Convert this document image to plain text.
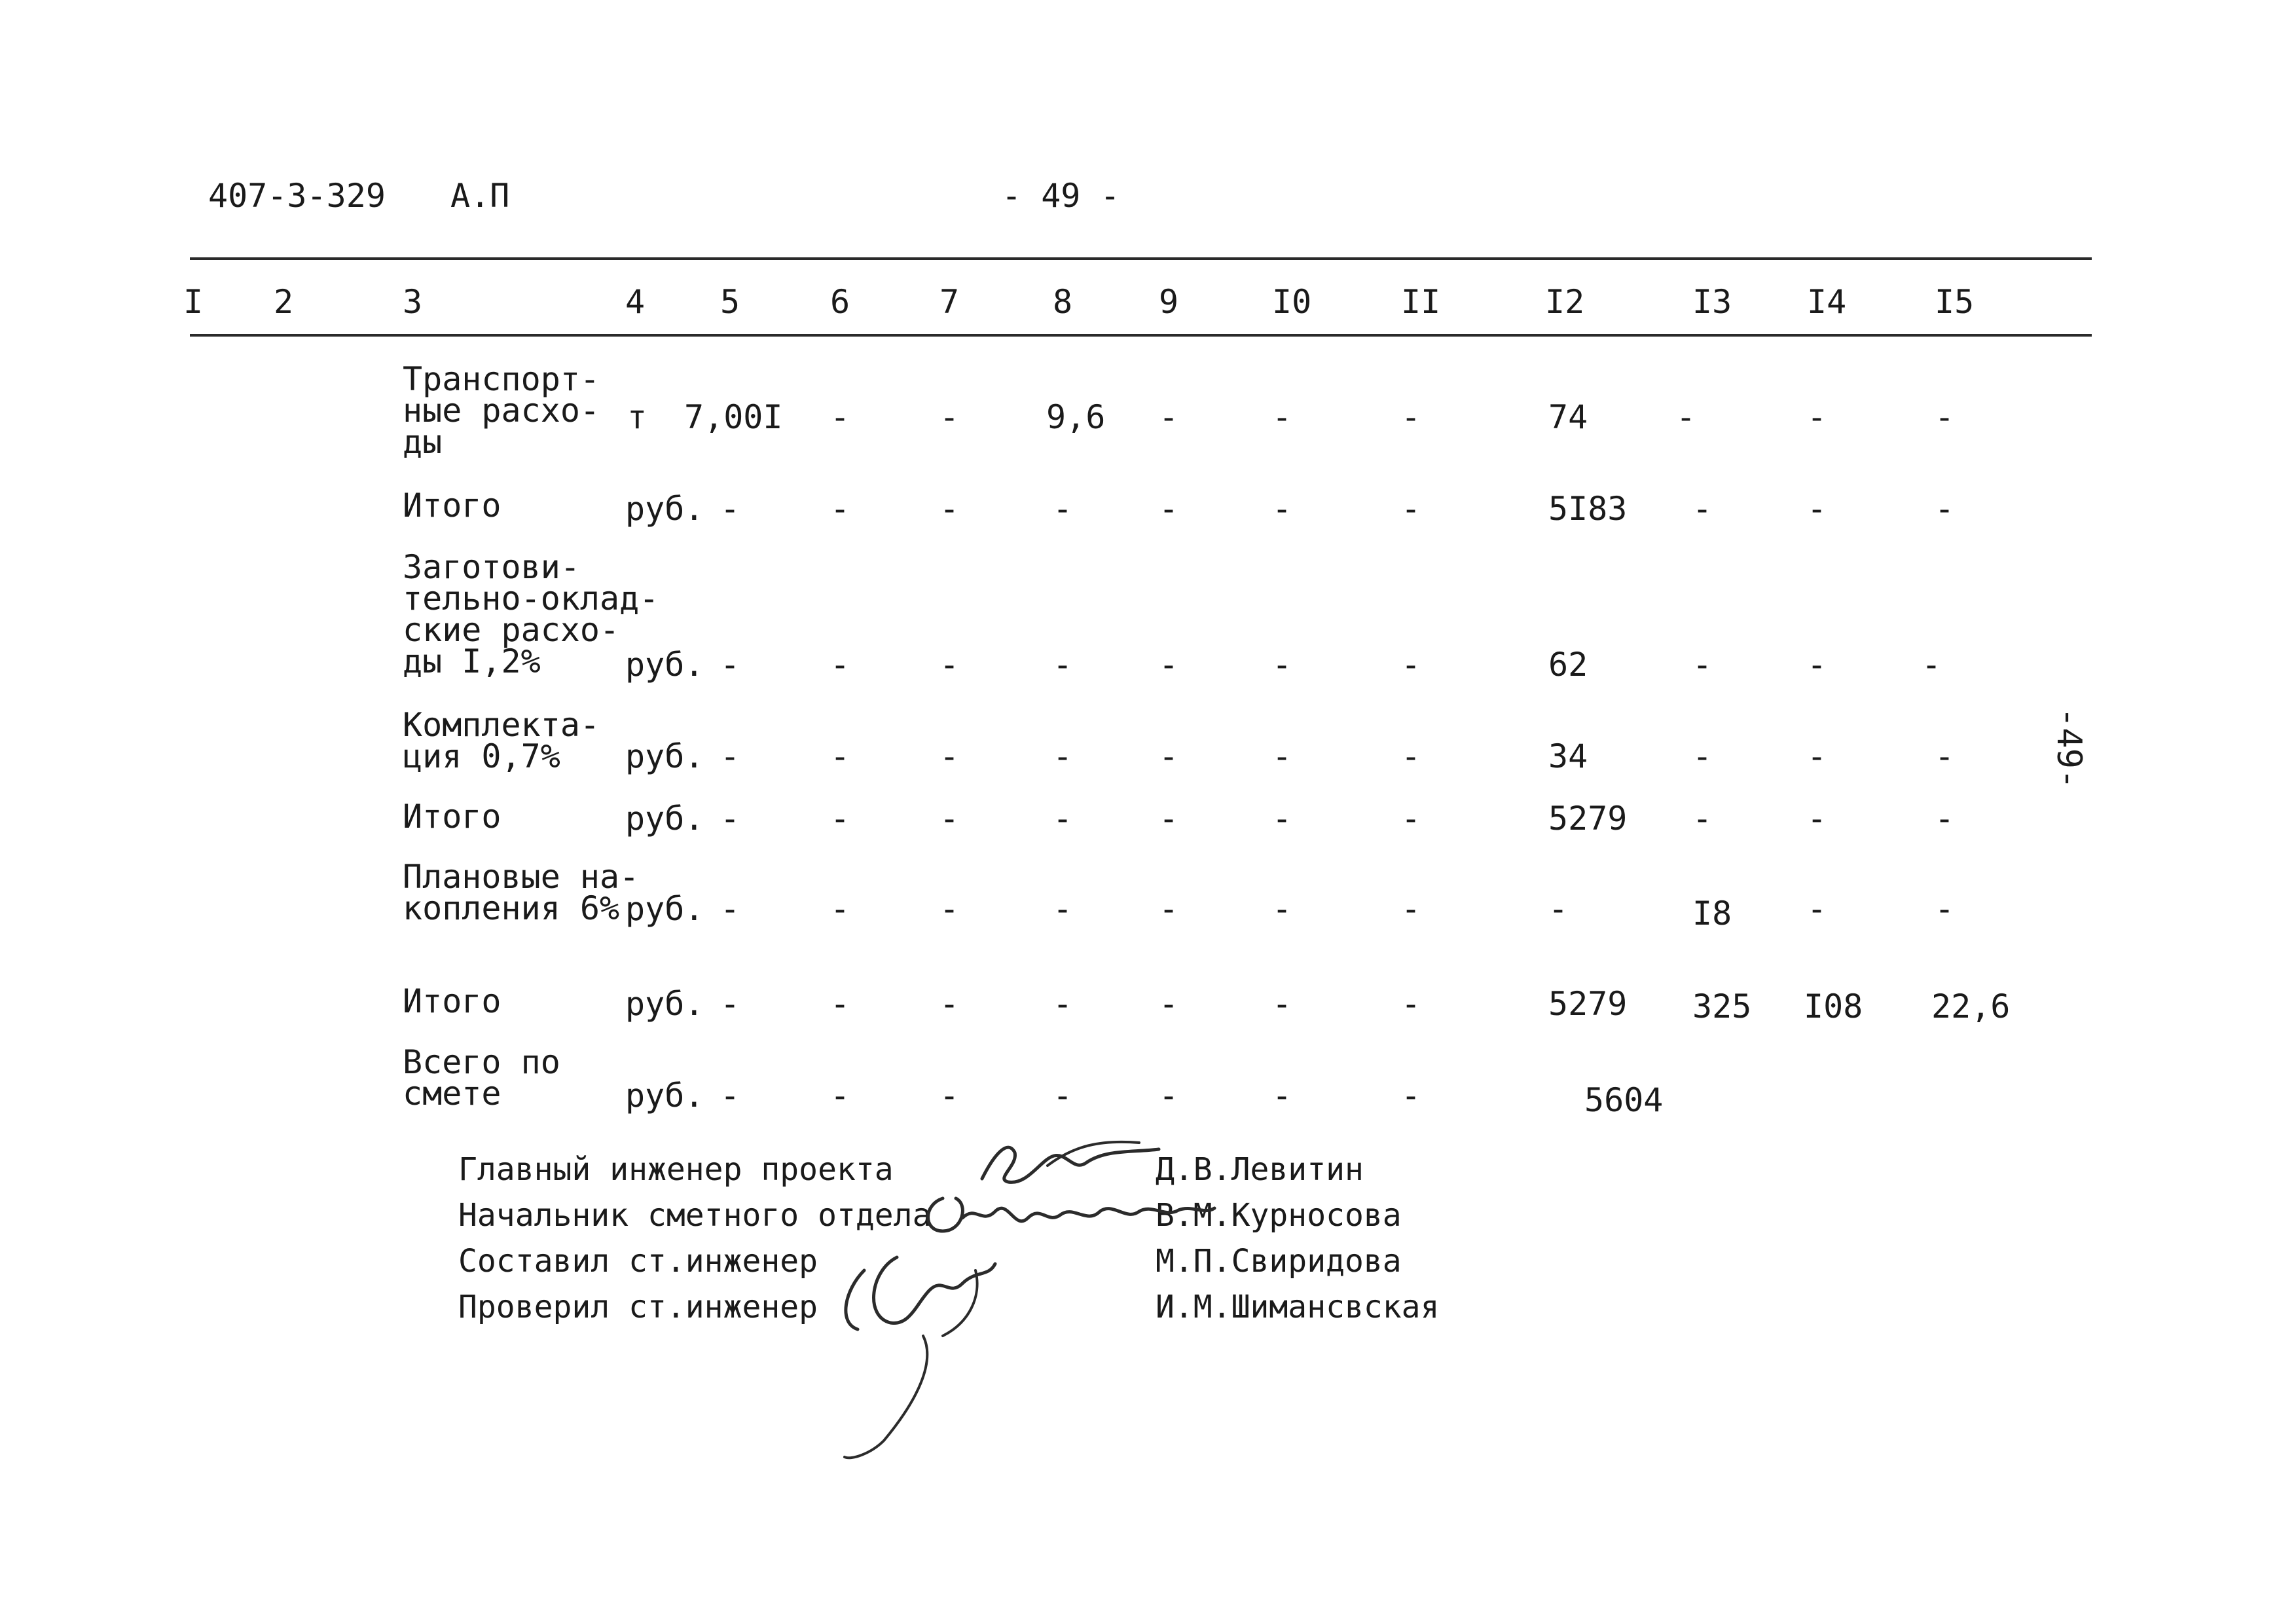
407-3-329 А.П	- 49 -
I 2	3	4 5	6	7	8	9	I0	II	I2	I3 I4	I5
Транспорт-
ные расхо-
ды
т 7,00I -	-	9,6 -	-	-	74	-	-	-
Итого	руб. -	-	-	-	-	-	-	5I83 -	-	-
Заготови-
тельно-оклад-
ские расхо-
ды I,2%	руб. -	-	-	-	-	-	-	62	-	-	-
Комплекта-
ция 0,7%	руб. -	-	-	-	-	-	-	34	-	-	-
Итого	руб. -	-	-	-	-	-	-	5279 -	-	-
Плановые на-
копления 6% руб. -	-	-	-	-	-	-	-	I8 -	-
Итого	руб. -	-	-	-	-	-	-	5279 325 I08 22,6
Всего по
смете	руб. -	-	-	-	-	-	-	5604
Главный инженер проекта	Д.В.Левитин
Начальник сметного отдела	В.М.Курносова
Составил ст.инженер	М.П.Свиридова
Проверил ст.инженер	И.М.Шимансвская
-49-
